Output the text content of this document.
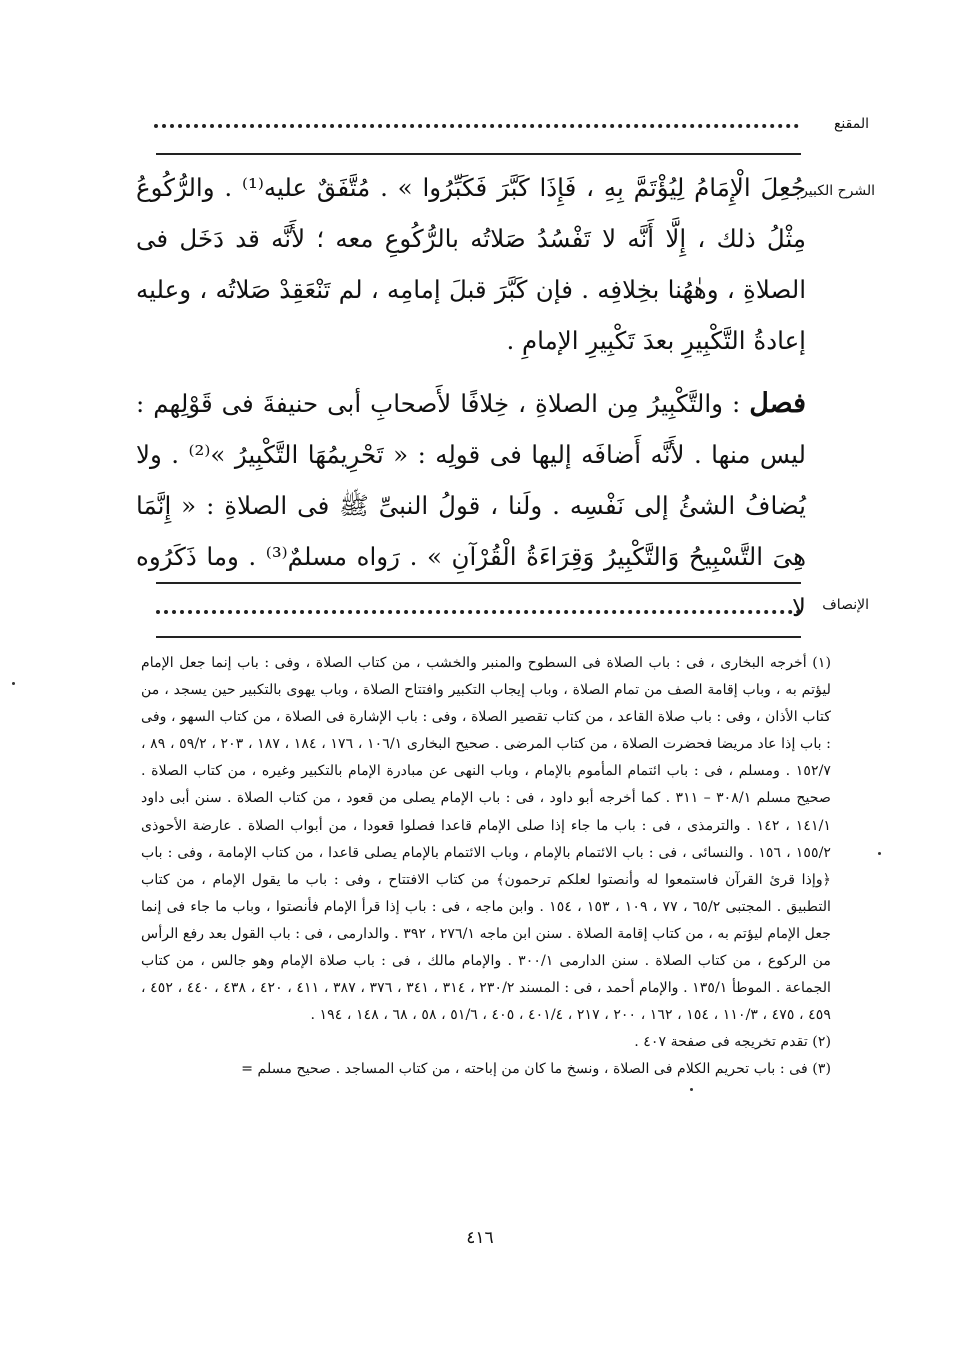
المقنع
الشرح الكبير

جُعِلَ الْإِمَامُ لِيُؤْتَمَّ بِهِ ، فَإِذَا كَبَّرَ فَكَبِّرُوا » . مُتَّفَقٌ عليه⁽¹⁾ . والرُّكُوعُ مِثْلُ ذلك ، إِلَّا أَنَّه لا تَفْسُدُ صَلاتُه بالرُّكُوعِ معه ؛ لأَنَّه قد دَخَل فى الصلاةِ ، وهٰهُنا بخِلافِه . فإن كَبَّرَ قبلَ إمامِه ، لم تَنْعَقِدْ صَلاتُه ، وعليه إعادةُ التَّكْبِيرِ بعدَ تَكْبِيرِ الإمامِ .

فصل : والتَّكْبِيرُ مِن الصلاةِ ، خِلافًا لأَصحابِ أبى حنيفةَ فى قَوْلِهم : ليس منها . لأَنَّه أَضافَه إليها فى قولِه : « تَحْرِيمُهَا التَّكْبِيرُ »⁽²⁾ . ولا يُضافُ الشئُ إلى نَفْسِه . ولَنا ، قولُ النبىِّ ﷺ فى الصلاةِ : « إِنَّمَا هِىَ التَّسْبِيحُ وَالتَّكْبِيرُ وَقِرَاءَةُ الْقُرْآنِ » . رَواه مسلمٌ⁽³⁾ . وما ذَكَرُوه لا	الإنصاف

(١) أخرجه البخارى ، فى : باب الصلاة فى السطوح والمنبر والخشب ، من كتاب الصلاة ، وفى : باب إنما جعل الإمام ليؤتم به ، وباب إقامة الصف من تمام الصلاة ، وباب إيجاب التكبير وافتتاح الصلاة ، وباب يهوى بالتكبير حين يسجد ، من كتاب الأذان ، وفى : باب صلاة القاعد ، من كتاب تقصير الصلاة ، وفى : باب الإشارة فى الصلاة ، من كتاب السهو ، وفى : باب إذا عاد مريضا فحضرت الصلاة ، من كتاب المرضى . صحيح البخارى ١٠٦/١ ، ١٧٦ ، ١٨٤ ، ١٨٧ ، ٢٠٣ ، ٥٩/٢ ، ٨٩ ، ١٥٢/٧ . ومسلم ، فى : باب ائتمام المأموم بالإمام ، وباب النهى عن مبادرة الإمام بالتكبير وغيره ، من كتاب الصلاة . صحيح مسلم ٣٠٨/١ – ٣١١ . كما أخرجه أبو داود ، فى : باب الإمام يصلى من قعود ، من كتاب الصلاة . سنن أبى داود ١٤١/١ ، ١٤٢ . والترمذى ، فى : باب ما جاء إذا صلى الإمام قاعدا فصلوا قعودا ، من أبواب الصلاة . عارضة الأحوذى ١٥٥/٢ ، ١٥٦ . والنسائى ، فى : باب الائتمام بالإمام ، وباب الائتمام بالإمام يصلى قاعدا ، من كتاب الإمامة ، وفى : باب ﴿وإذا قرئ القرآن فاستمعوا له وأنصتوا لعلكم ترحمون﴾ من كتاب الافتتاح ، وفى : باب ما يقول الإمام ، من كتاب التطبيق . المجتبى ٦٥/٢ ، ٧٧ ، ١٠٩ ، ١٥٣ ، ١٥٤ . وابن ماجه ، فى : باب إذا قرأ الإمام فأنصتوا ، وباب ما جاء فى إنما جعل الإمام ليؤتم به ، من كتاب إقامة الصلاة . سنن ابن ماجه ٢٧٦/١ ، ٣٩٢ . والدارمى ، فى : باب القول بعد رفع الرأس من الركوع ، من كتاب الصلاة . سنن الدارمى ٣٠٠/١ . والإمام مالك ، فى : باب صلاة الإمام وهو جالس ، من كتاب الجماعة . الموطأ ١٣٥/١ . والإمام أحمد ، فى : المسند ٢٣٠/٢ ، ٣١٤ ، ٣٤١ ، ٣٧٦ ، ٣٨٧ ، ٤١١ ، ٤٢٠ ، ٤٣٨ ، ٤٤٠ ، ٤٥٢ ، ٤٥٩ ، ٤٧٥ ، ١١٠/٣ ، ١٥٤ ، ١٦٢ ، ٢٠٠ ، ٢١٧ ، ٤٠١/٤ ، ٤٠٥ ، ٥١/٦ ، ٥٨ ، ٦٨ ، ١٤٨ ، ١٩٤ .

(٢) تقدم تخريجه فى صفحة ٤٠٧ .

(٣) فى : باب تحريم الكلام فى الصلاة ، ونسخ ما كان من إباحته ، من كتاب المساجد . صحيح مسلم =

٤١٦
